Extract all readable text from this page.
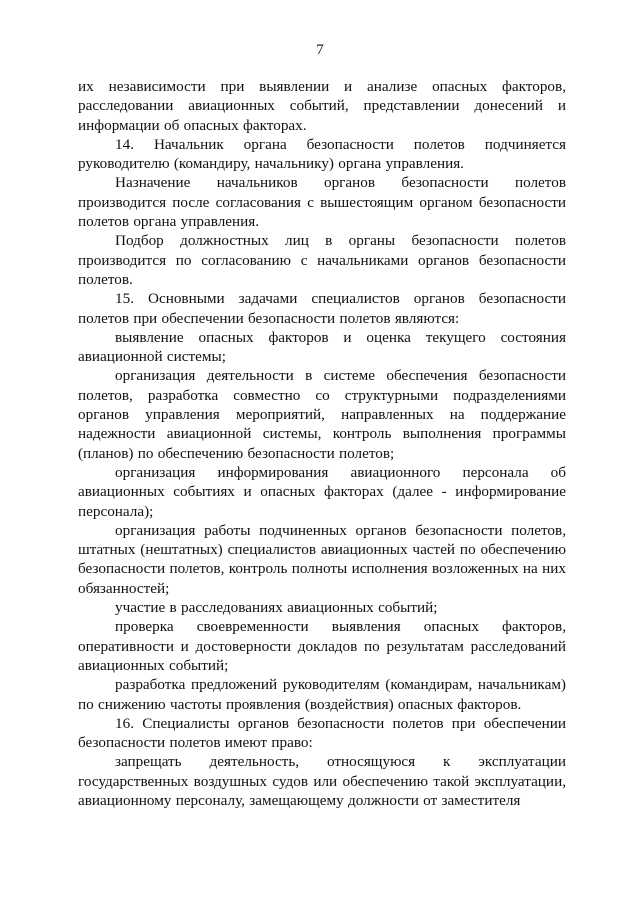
7

их независимости при выявлении и анализе опасных факторов, расследовании авиационных событий, представлении донесений и информации об опасных факторах.

14. Начальник органа безопасности полетов подчиняется руководителю (командиру, начальнику) органа управления.

Назначение начальников органов безопасности полетов производится после согласования с вышестоящим органом безопасности полетов органа управления.

Подбор должностных лиц в органы безопасности полетов производится по согласованию с начальниками органов безопасности полетов.

15. Основными задачами специалистов органов безопасности полетов при обеспечении безопасности полетов являются:

выявление опасных факторов и оценка текущего состояния авиационной системы;

организация деятельности в системе обеспечения безопасности полетов, разработка совместно со структурными подразделениями органов управления мероприятий, направленных на поддержание надежности авиационной системы, контроль выполнения программы (планов) по обеспечению безопасности полетов;

организация информирования авиационного персонала об авиационных событиях и опасных факторах (далее - информирование персонала);

организация работы подчиненных органов безопасности полетов, штатных (нештатных) специалистов авиационных частей по обеспечению безопасности полетов, контроль полноты исполнения возложенных на них обязанностей;

участие в расследованиях авиационных событий;

проверка своевременности выявления опасных факторов, оперативности и достоверности докладов по результатам расследований авиационных событий;

разработка предложений руководителям (командирам, начальникам) по снижению частоты проявления (воздействия) опасных факторов.

16. Специалисты органов безопасности полетов при обеспечении безопасности полетов имеют право:

запрещать деятельность, относящуюся к эксплуатации государственных воздушных судов или обеспечению такой эксплуатации, авиационному персоналу, замещающему должности от заместителя
